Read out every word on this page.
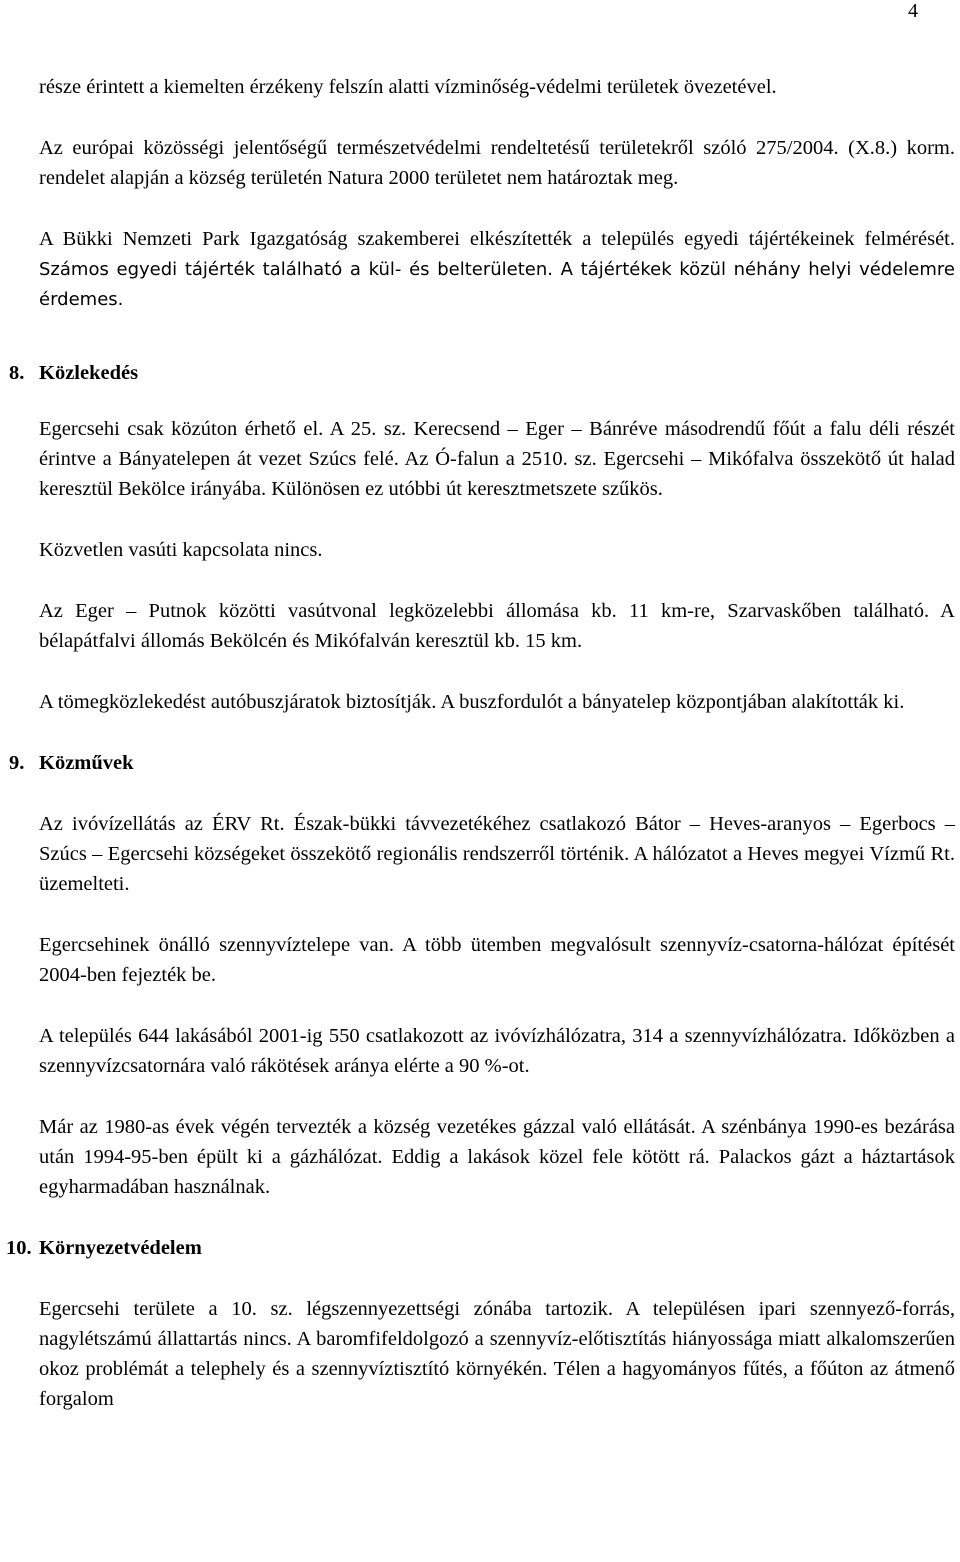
4

része érintett a kiemelten érzékeny felszín alatti vízminőség-védelmi területek övezetével.

Az európai közösségi jelentőségű természetvédelmi rendeltetésű területekről szóló 275/2004. (X.8.) korm. rendelet alapján a község területén Natura 2000 területet nem határoztak meg.

A Bükki Nemzeti Park Igazgatóság szakemberei elkészítették a település egyedi tájértékeinek felmérését. Számos egyedi tájérték található a kül- és belterületen. A tájértékek közül néhány helyi védelemre érdemes.

8. Közlekedés

Egercsehi csak közúton érhető el. A 25. sz. Kerecsend – Eger – Bánréve másodrendű főút a falu déli részét érintve a Bányatelepen át vezet Szúcs felé. Az Ó-falun a 2510. sz. Egercsehi – Mikófalva összekötő út halad keresztül Bekölce irányába. Különösen ez utóbbi út keresztmetszete szűkös.

Közvetlen vasúti kapcsolata nincs.

Az Eger – Putnok közötti vasútvonal legközelebbi állomása kb. 11 km-re, Szarvaskőben található. A bélapátfalvi állomás Bekölcén és Mikófalván keresztül kb. 15 km.

A tömegközlekedést autóbuszjáratok biztosítják. A buszfordulót a bányatelep központjában alakították ki.

9. Közművek

Az ivóvízellátás az ÉRV Rt. Észak-bükki távvezetékéhez csatlakozó Bátor – Heves-aranyos – Egerbocs – Szúcs – Egercsehi községeket összekötő regionális rendszerről történik. A hálózatot a Heves megyei Vízmű Rt. üzemelteti.

Egercsehinek önálló szennyvíztelepe van. A több ütemben megvalósult szennyvíz-csatorna-hálózat építését 2004-ben fejezték be.

A település 644 lakásából 2001-ig 550 csatlakozott az ivóvízhálózatra, 314 a szennyvízhálózatra. Időközben a szennyvízcsatornára való rákötések aránya elérte a 90 %-ot.

Már az 1980-as évek végén tervezték a község vezetékes gázzal való ellátását. A szénbánya 1990-es bezárása után 1994-95-ben épült ki a gázhálózat. Eddig a lakások közel fele kötött rá. Palackos gázt a háztartások egyharmadában használnak.

10. Környezetvédelem

Egercsehi területe a 10. sz. légszennyezettségi zónába tartozik. A településen ipari szennyező-forrás, nagylétszámú állattartás nincs. A baromfifeldolgozó a szennyvíz-előtisztítás hiányossága miatt alkalomszerűen okoz problémát a telephely és a szennyvíztisztító környékén. Télen a hagyományos fűtés, a főúton az átmenő forgalom
